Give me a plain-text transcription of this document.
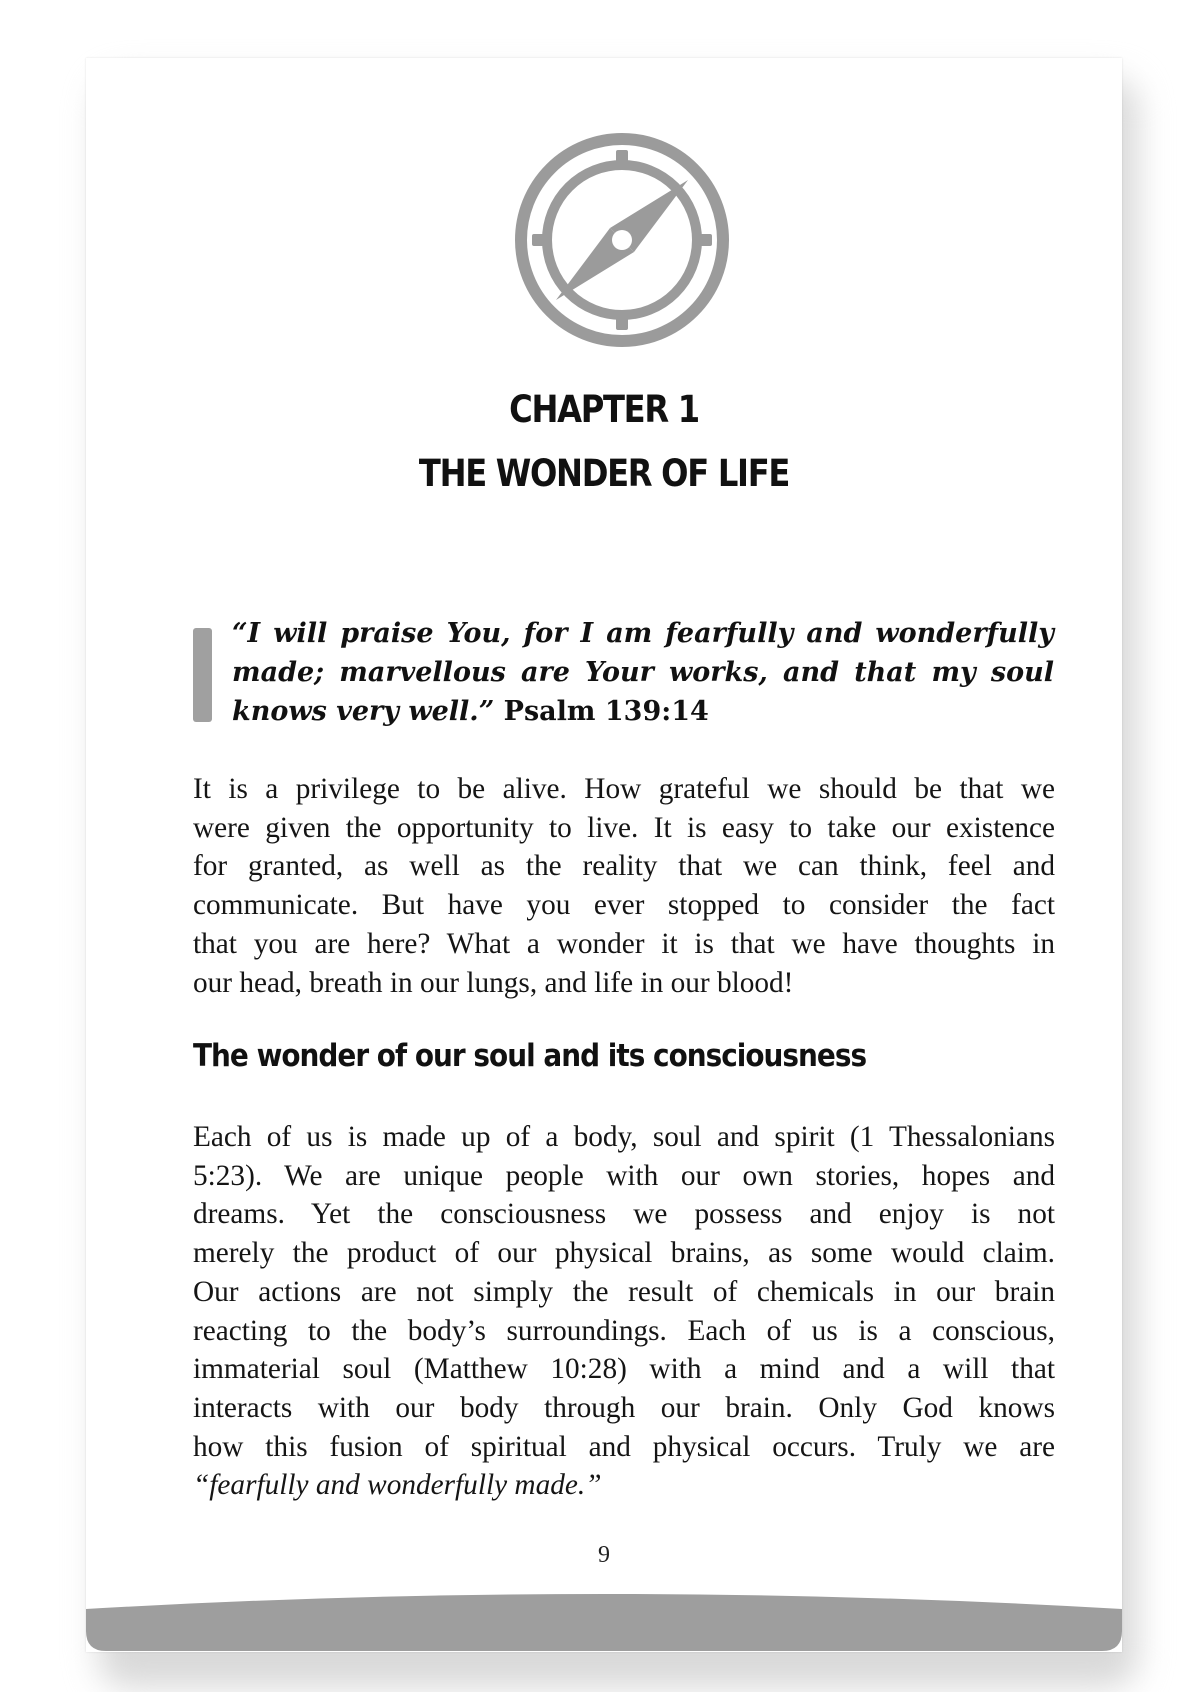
CHAPTER 1
THE WONDER OF LIFE

“I will praise You, for I am fearfully and wonderfully made; marvellous are Your works, and that my soul knows very well.” Psalm 139:14

It is a privilege to be alive. How grateful we should be that we
were given the opportunity to live. It is easy to take our existence
for granted, as well as the reality that we can think, feel and
communicate. But have you ever stopped to consider the fact
that you are here? What a wonder it is that we have thoughts in
our head, breath in our lungs, and life in our blood!

The wonder of our soul and its consciousness

Each of us is made up of a body, soul and spirit (1 Thessalonians
5:23). We are unique people with our own stories, hopes and
dreams. Yet the consciousness we possess and enjoy is not
merely the product of our physical brains, as some would claim.
Our actions are not simply the result of chemicals in our brain
reacting to the body’s surroundings. Each of us is a conscious,
immaterial soul (Matthew 10:28) with a mind and a will that
interacts with our body through our brain. Only God knows
how this fusion of spiritual and physical occurs. Truly we are
“fearfully and wonderfully made.”

9
